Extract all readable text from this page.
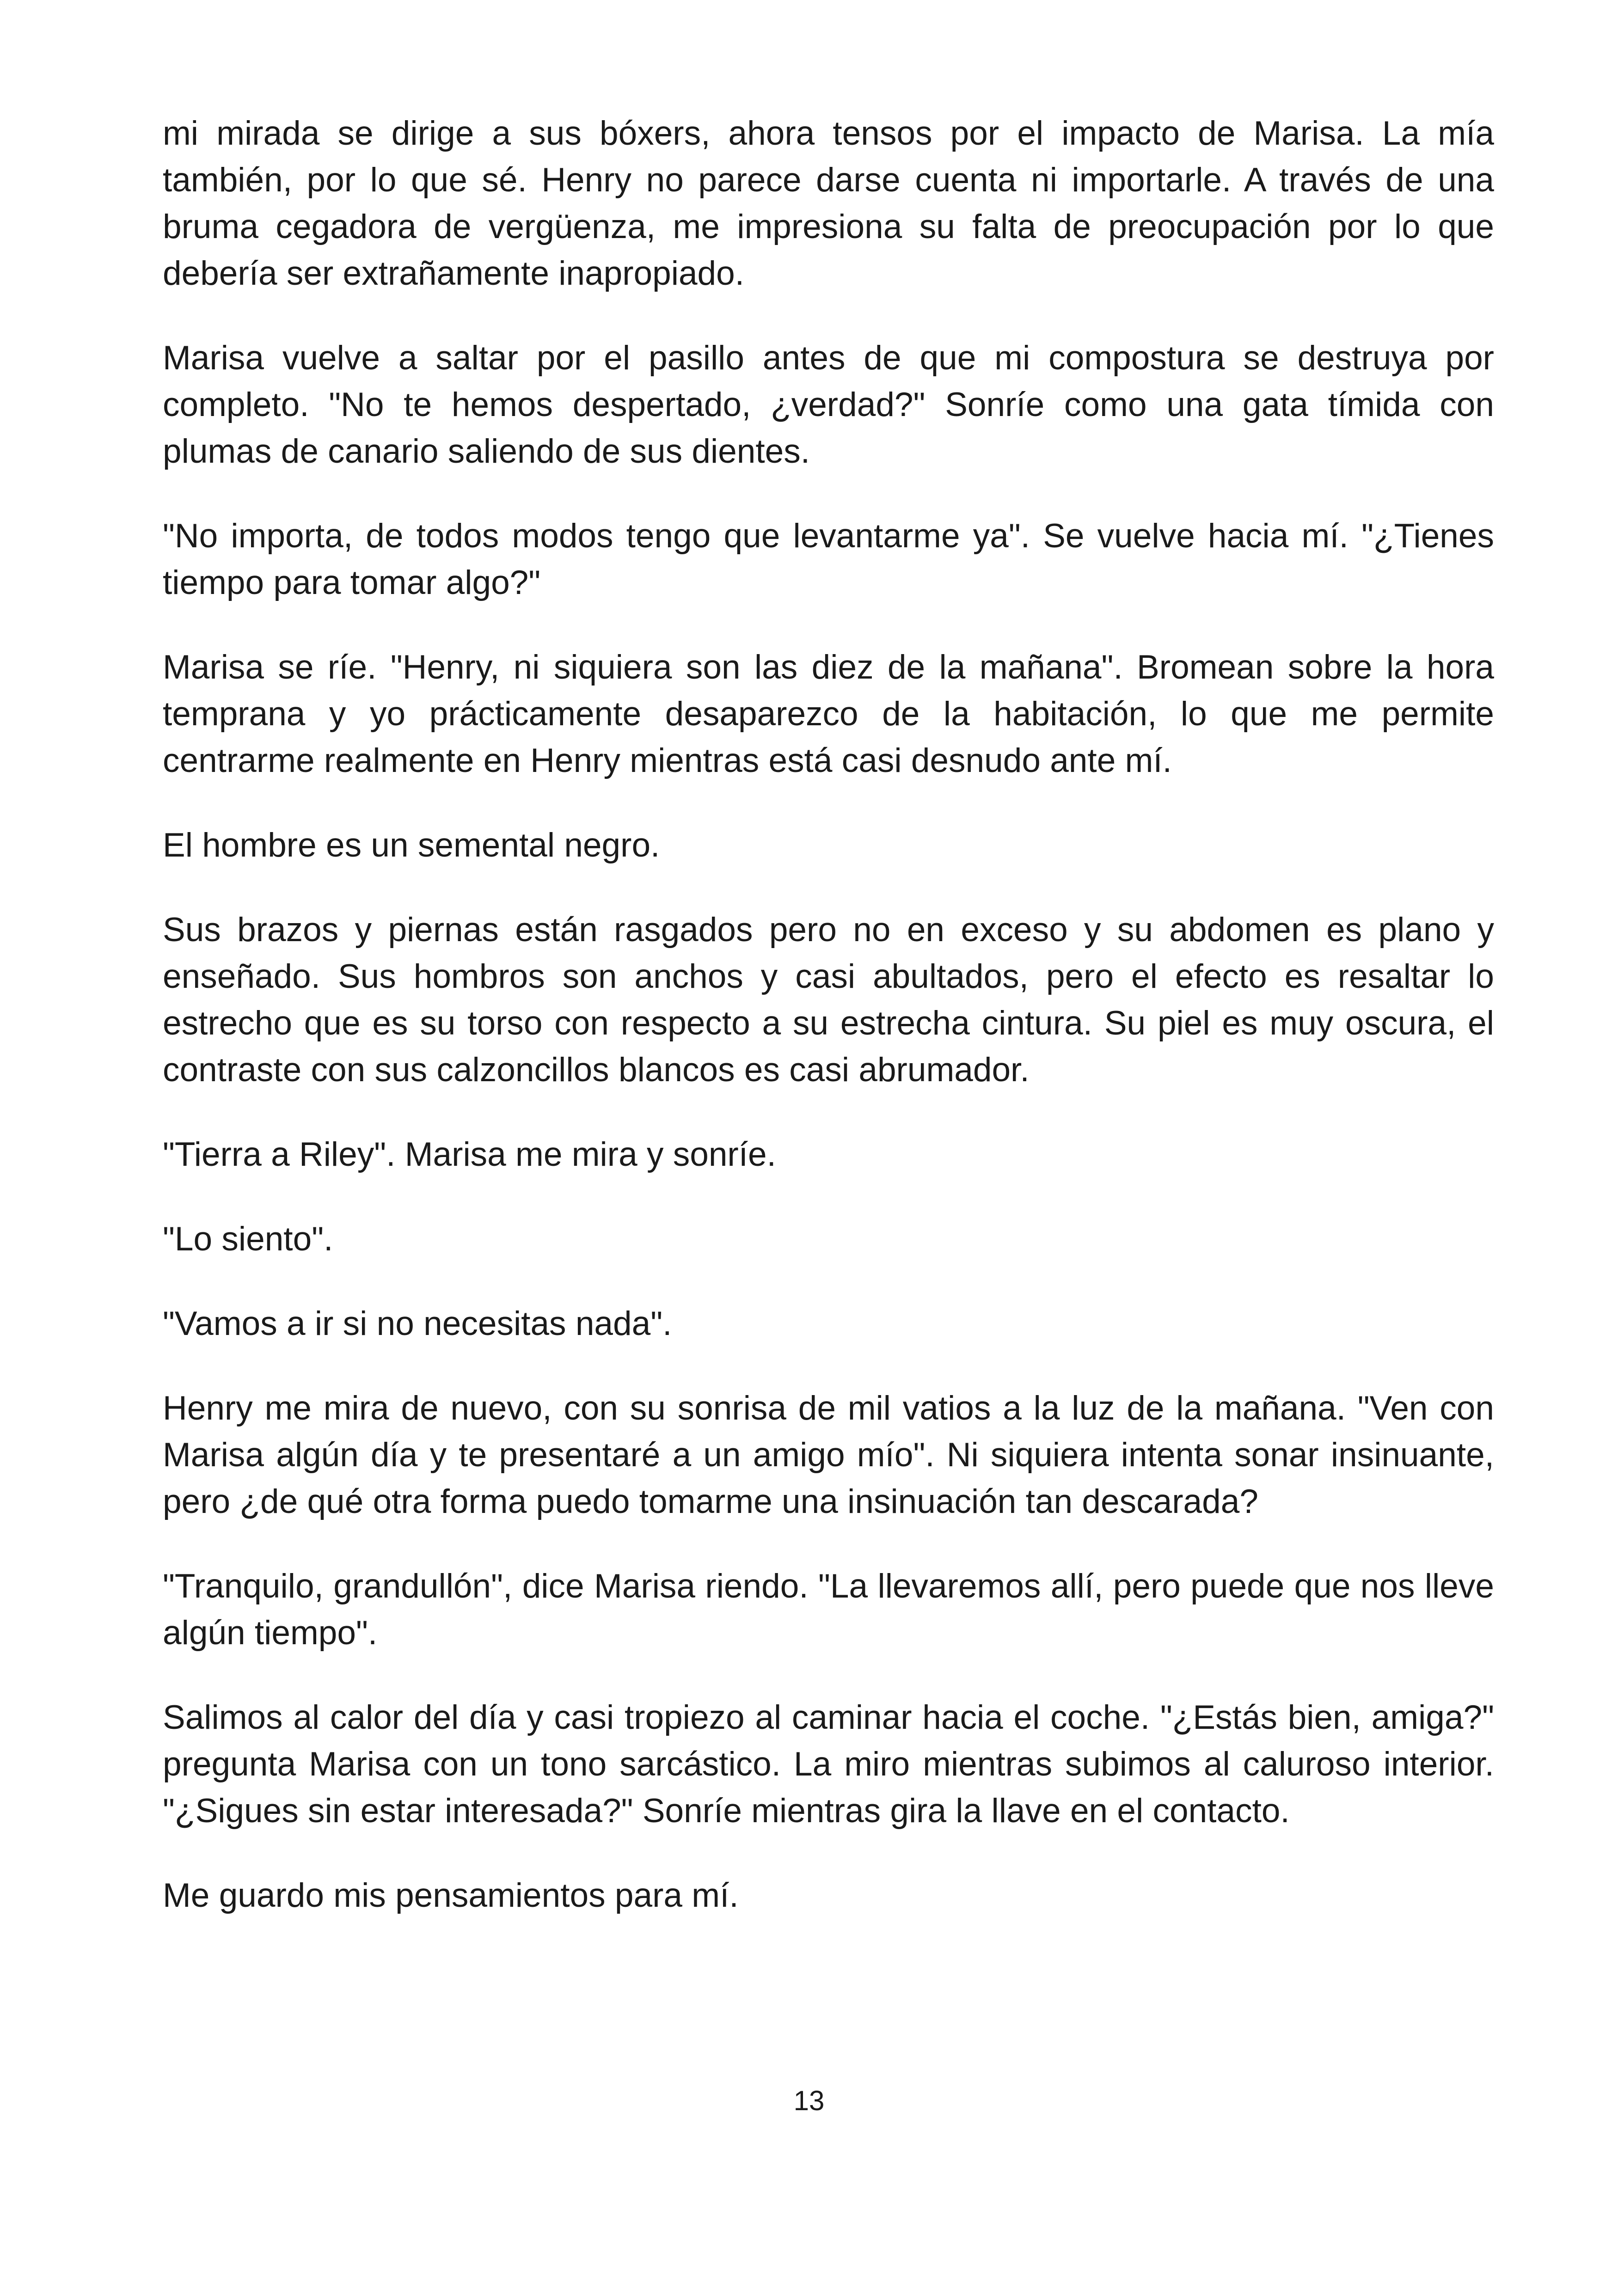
mi mirada se dirige a sus bóxers, ahora tensos por el impacto de Marisa. La mía también, por lo que sé. Henry no parece darse cuenta ni importarle. A través de una bruma cegadora de vergüenza, me impresiona su falta de preocupación por lo que debería ser extrañamente inapropiado.

Marisa vuelve a saltar por el pasillo antes de que mi compostura se destruya por completo. "No te hemos despertado, ¿verdad?" Sonríe como una gata tímida con plumas de canario saliendo de sus dientes.

"No importa, de todos modos tengo que levantarme ya". Se vuelve hacia mí. "¿Tienes tiempo para tomar algo?"

Marisa se ríe. "Henry, ni siquiera son las diez de la mañana". Bromean sobre la hora temprana y yo prácticamente desaparezco de la habitación, lo que me permite centrarme realmente en Henry mientras está casi desnudo ante mí.

El hombre es un semental negro.

Sus brazos y piernas están rasgados pero no en exceso y su abdomen es plano y enseñado. Sus hombros son anchos y casi abultados, pero el efecto es resaltar lo estrecho que es su torso con respecto a su estrecha cintura. Su piel es muy oscura, el contraste con sus calzoncillos blancos es casi abrumador.

"Tierra a Riley". Marisa me mira y sonríe.

"Lo siento".

"Vamos a ir si no necesitas nada".

Henry me mira de nuevo, con su sonrisa de mil vatios a la luz de la mañana. "Ven con Marisa algún día y te presentaré a un amigo mío". Ni siquiera intenta sonar insinuante, pero ¿de qué otra forma puedo tomarme una insinuación tan descarada?

"Tranquilo, grandullón", dice Marisa riendo. "La llevaremos allí, pero puede que nos lleve algún tiempo".

Salimos al calor del día y casi tropiezo al caminar hacia el coche. "¿Estás bien, amiga?" pregunta Marisa con un tono sarcástico. La miro mientras subimos al caluroso interior. "¿Sigues sin estar interesada?" Sonríe mientras gira la llave en el contacto.

Me guardo mis pensamientos para mí.

13
